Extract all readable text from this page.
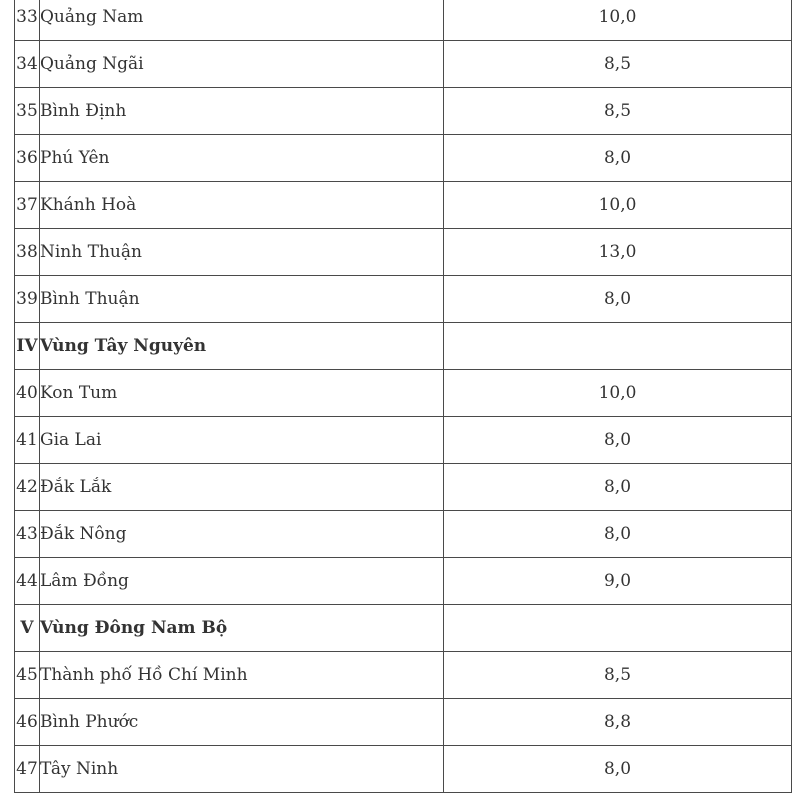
33	Quảng Nam	10,0
34	Quảng Ngãi	8,5
35	Bình Định	8,5
36	Phú Yên	8,0
37	Khánh Hoà	10,0
38	Ninh Thuận	13,0
39	Bình Thuận	8,0
IV	Vùng Tây Nguyên	
40	Kon Tum	10,0
41	Gia Lai	8,0
42	Đắk Lắk	8,0
43	Đắk Nông	8,0
44	Lâm Đồng	9,0
V	Vùng Đông Nam Bộ	
45	Thành phố Hồ Chí Minh	8,5
46	Bình Phước	8,8
47	Tây Ninh	8,0
